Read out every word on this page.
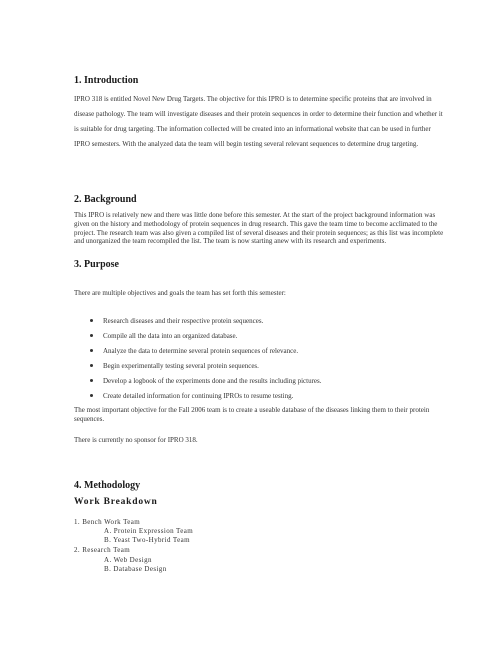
1. Introduction

IPRO 318 is entitled Novel New Drug Targets. The objective for this IPRO is to determine specific proteins that are involved in disease pathology. The team will investigate diseases and their protein sequences in order to determine their function and whether it is suitable for drug targeting. The information collected will be created into an informational website that can be used in further IPRO semesters. With the analyzed data the team will begin testing several relevant sequences to determine drug targeting.

2. Background

This IPRO is relatively new and there was little done before this semester. At the start of the project background information was given on the history and methodology of protein sequences in drug research. This gave the team time to become acclimated to the project. The research team was also given a compiled list of several diseases and their protein sequences; as this list was incomplete and unorganized the team recompiled the list. The team is now starting anew with its research and experiments.

3. Purpose

There are multiple objectives and goals the team has set forth this semester:

Research diseases and their respective protein sequences.
Compile all the data into an organized database.
Analyze the data to determine several protein sequences of relevance.
Begin experimentally testing several protein sequences.
Develop a logbook of the experiments done and the results including pictures.
Create detailed information for continuing IPROs to resume testing.

The most important objective for the Fall 2006 team is to create a useable database of the diseases linking them to their protein sequences.

There is currently no sponsor for IPRO 318.

4. Methodology
Work Breakdown

1. Bench Work Team

A. Protein Expression Team

B. Yeast Two-Hybrid Team

2. Research Team

A. Web Design

B. Database Design
